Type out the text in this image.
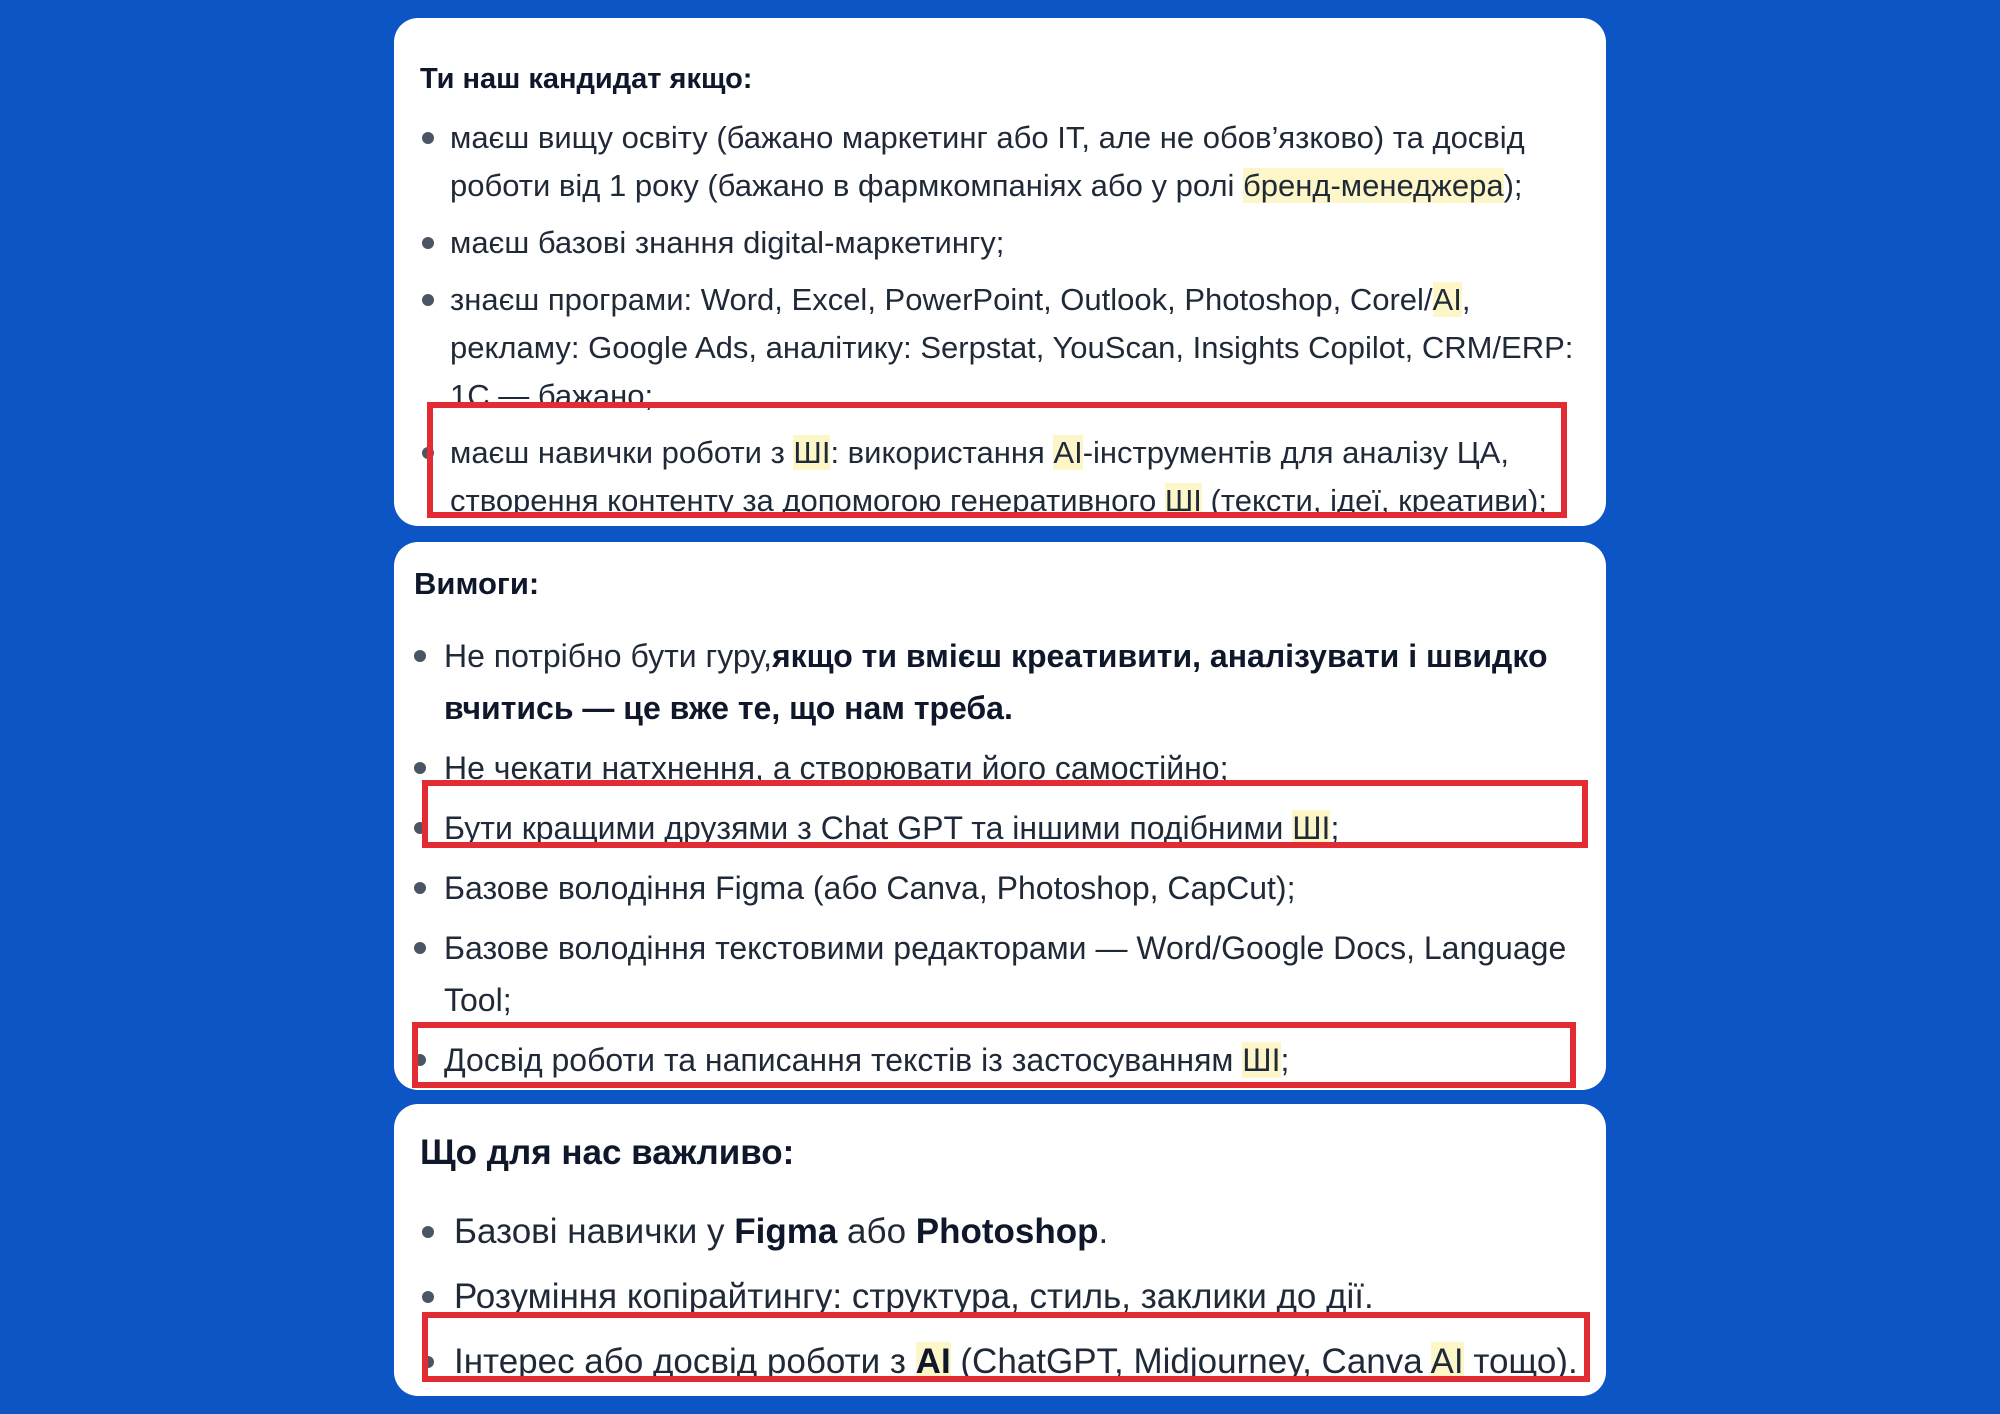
Ти наш кандидат якщо:
маєш вищу освіту (бажано маркетинг або IT, але не обов’язково) та досвід роботи від 1 року (бажано в фармкомпаніях або у ролі бренд-менеджера);
маєш базові знання digital-маркетингу;
знаєш програми: Word, Excel, PowerPoint, Outlook, Photoshop, Corel/AI, рекламу: Google Ads, аналітику: Serpstat, YouScan, Insights Copilot, CRM/ERP: 1C — бажано;
маєш навички роботи з ШІ: використання AI-інструментів для аналізу ЦА, створення контенту за допомогою генеративного ШІ (тексти, ідеї, креативи);
Вимоги:
Не потрібно бути гуру,якщо ти вмієш креативити, аналізувати і швидко вчитись — це вже те, що нам треба.
Не чекати натхнення, а створювати його самостійно;
Бути кращими друзями з Chat GPT та іншими подібними ШІ;
Базове володіння Figma (або Canva, Photoshop, CapCut);
Базове володіння текстовими редакторами — Word/Google Docs, Language Tool;
Досвід роботи та написання текстів із застосуванням ШІ;
Що для нас важливо:
Базові навички у Figma або Photoshop.
Розуміння копірайтингу: структура, стиль, заклики до дії.
Інтерес або досвід роботи з AI (ChatGPT, Midjourney, Canva AI тощо).
